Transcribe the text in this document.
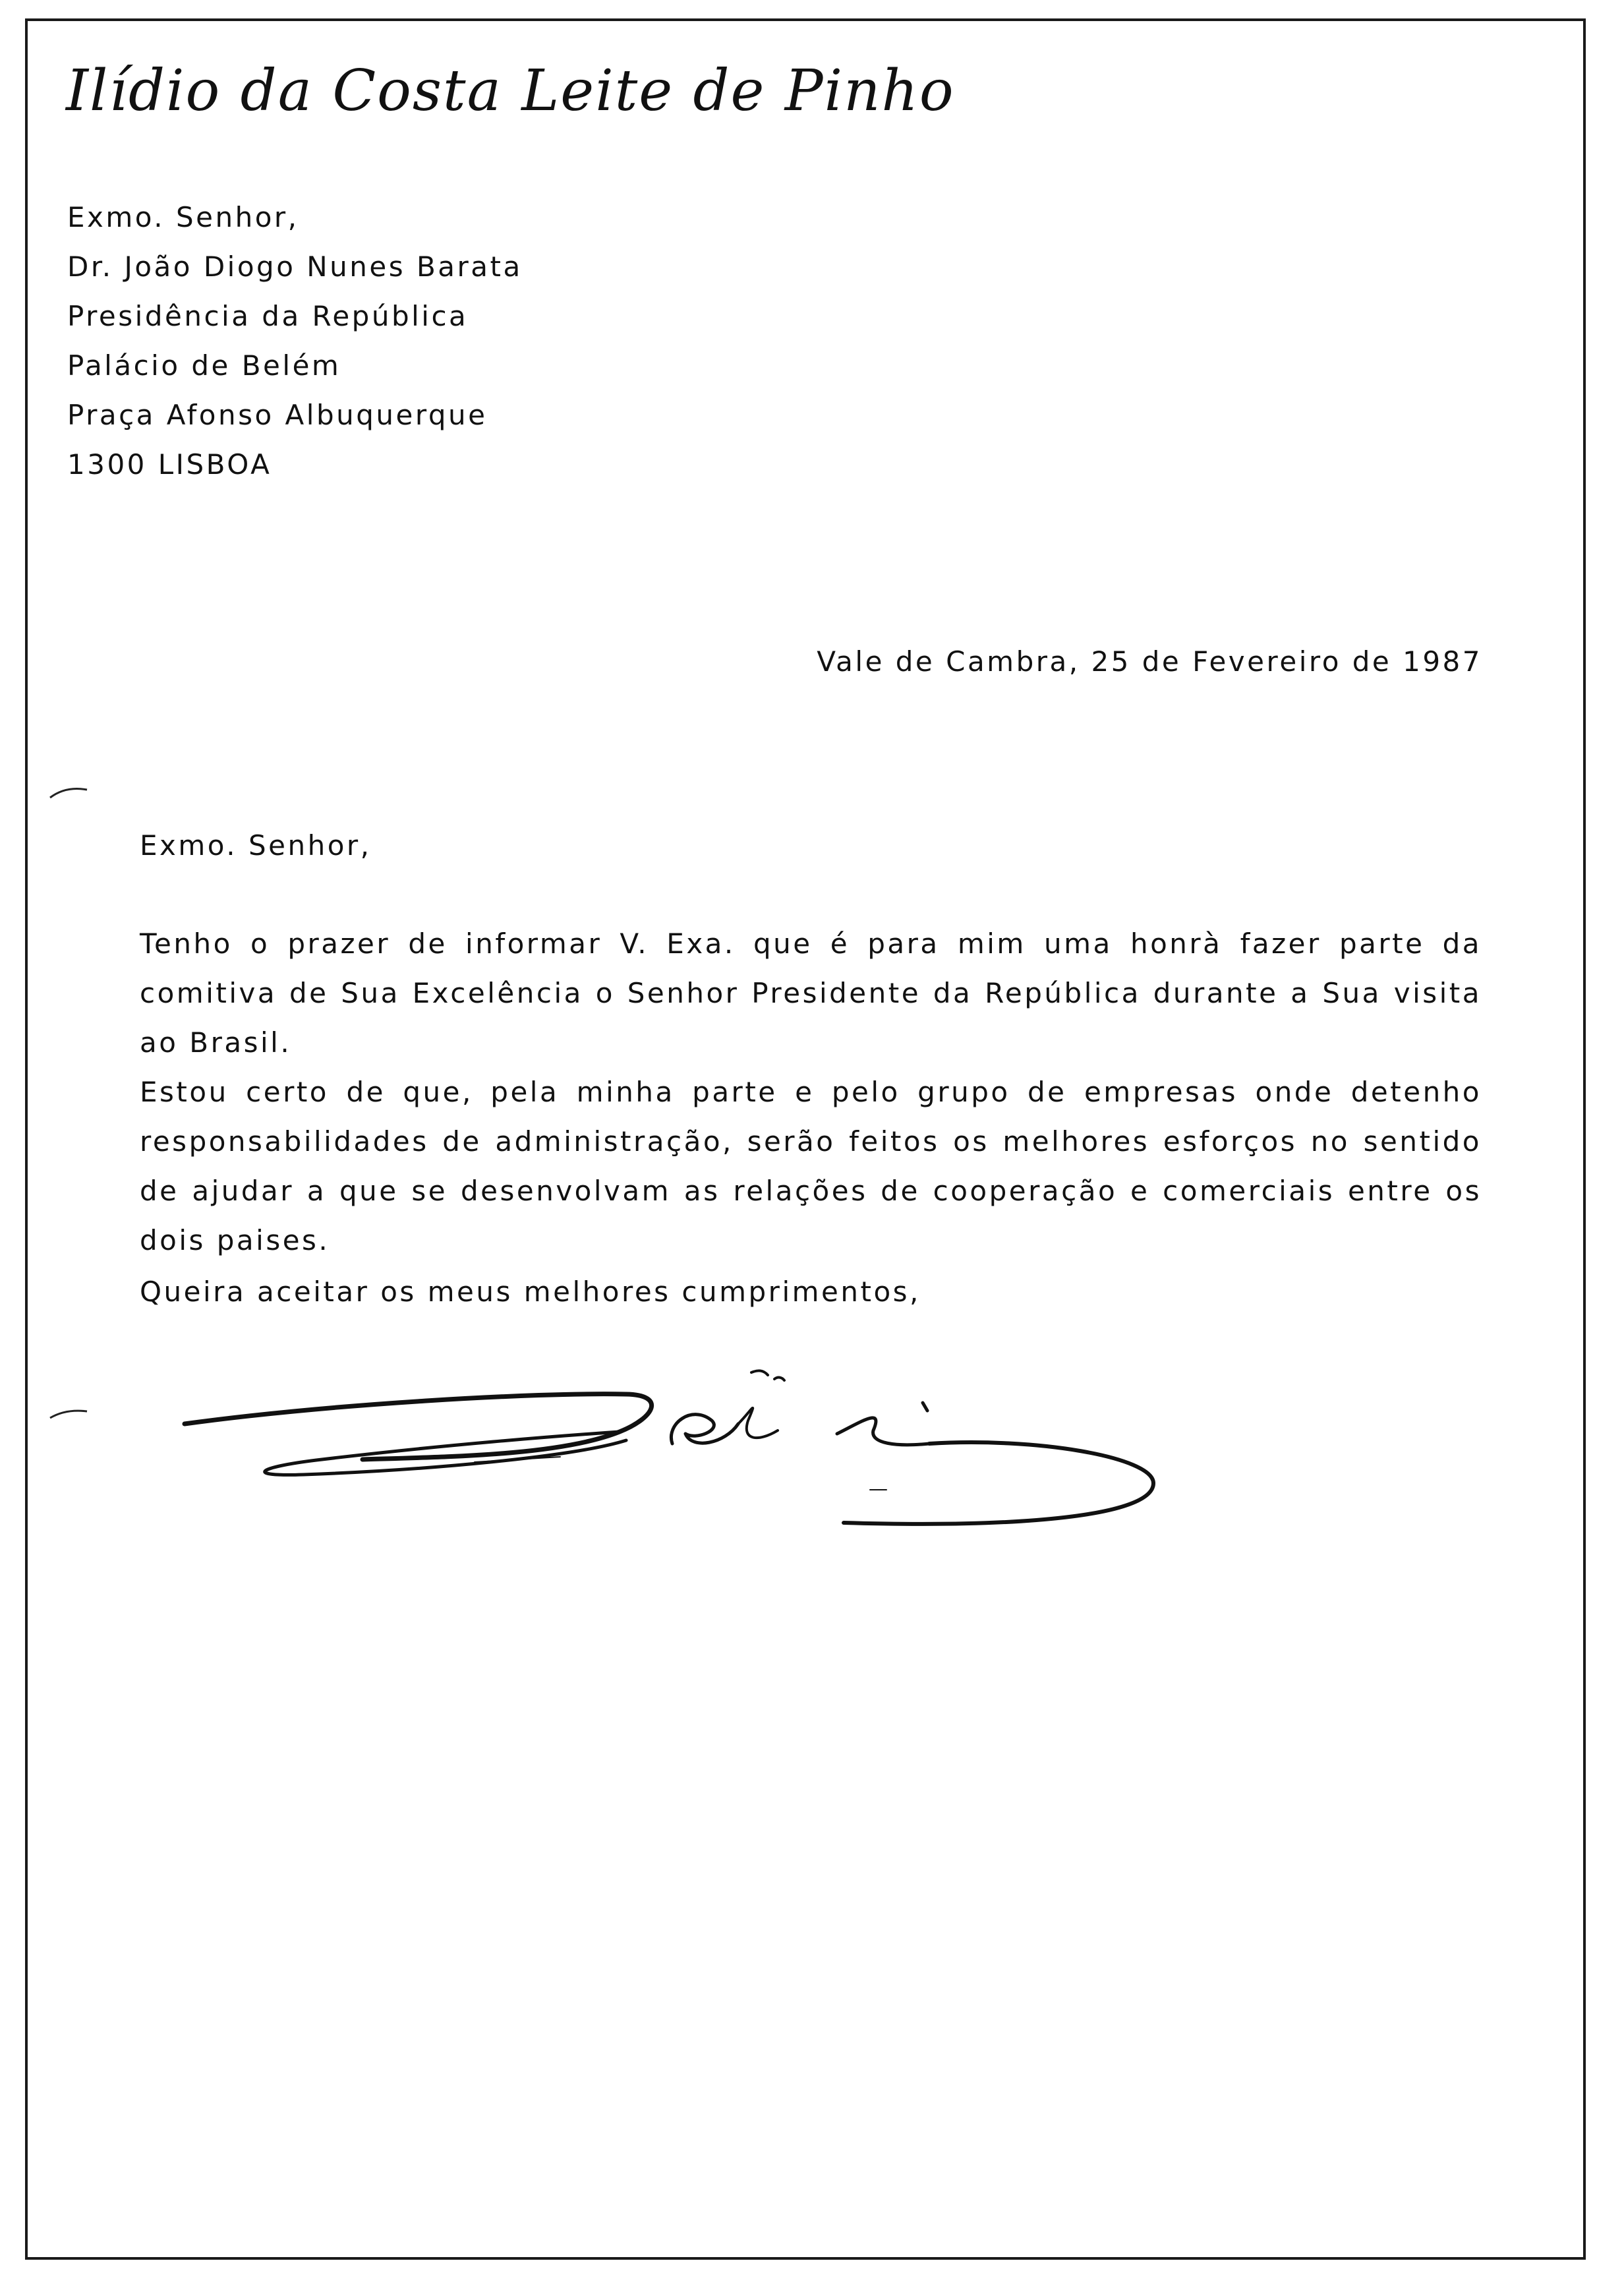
Ilídio da Costa Leite de Pinho
Exmo. Senhor,
Dr. João Diogo Nunes Barata
Presidência da República
Palácio de Belém
Praça Afonso Albuquerque
1300 LISBOA
Vale de Cambra, 25 de Fevereiro de 1987
Exmo. Senhor,
Tenho o prazer de informar V. Exa. que é para mim uma honrà fazer parte da comitiva de Sua Excelência o Senhor Presidente da República durante a Sua visita ao Brasil.
Estou certo de que, pela minha parte e pelo grupo de empresas onde detenho responsabilidades de administração, serão feitos os melhores esforços no sentido de ajudar a que se desenvolvam as relações de cooperação e comerciais entre os dois paises.
Queira aceitar os meus melhores cumprimentos,
